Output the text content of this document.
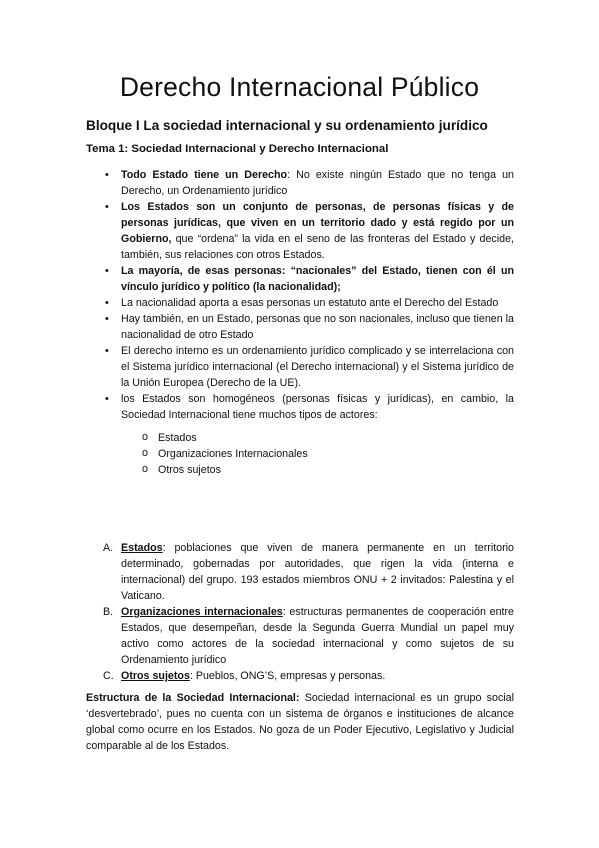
Derecho Internacional Público

Bloque I La sociedad internacional y su ordenamiento jurídico

Tema 1: Sociedad Internacional y Derecho Internacional

• Todo Estado tiene un Derecho: No existe ningún Estado que no tenga un Derecho, un Ordenamiento jurídico
• Los Estados son un conjunto de personas, de personas físicas y de personas jurídicas, que viven en un territorio dado y está regido por un Gobierno, que “ordena” la vida en el seno de las fronteras del Estado y decide, también, sus relaciones con otros Estados.
• La mayoría, de esas personas: “nacionales” del Estado, tienen con él un vínculo jurídico y político (la nacionalidad);
• La nacionalidad aporta a esas personas un estatuto ante el Derecho del Estado
• Hay también, en un Estado, personas que no son nacionales, incluso que tienen la nacionalidad de otro Estado
• El derecho interno es un ordenamiento jurídico complicado y se interrelaciona con el Sistema jurídico internacional (el Derecho internacional) y el Sistema jurídico de la Unión Europea (Derecho de la UE).
• los Estados son homogéneos (personas físicas y jurídicas), en cambio, la Sociedad Internacional tiene muchos tipos de actores:
o Estados
o Organizaciones Internacionales
o Otros sujetos
A. Estados: poblaciones que viven de manera permanente en un territorio determinado, gobernadas por autoridades, que rigen la vida (interna e internacional) del grupo. 193 estados miembros ONU + 2 invitados: Palestina y el Vaticano.
B. Organizaciones internacionales: estructuras permanentes de cooperación entre Estados, que desempeñan, desde la Segunda Guerra Mundial un papel muy activo como actores de la sociedad internacional y como sujetos de su Ordenamiento jurídico
C. Otros sujetos: Pueblos, ONG’S, empresas y personas.

Estructura de la Sociedad Internacional: Sociedad internacional es un grupo social ‘desvertebrado’, pues no cuenta con un sistema de órganos e instituciones de alcance global como ocurre en los Estados. No goza de un Poder Ejecutivo, Legislativo y Judicial comparable al de los Estados.
